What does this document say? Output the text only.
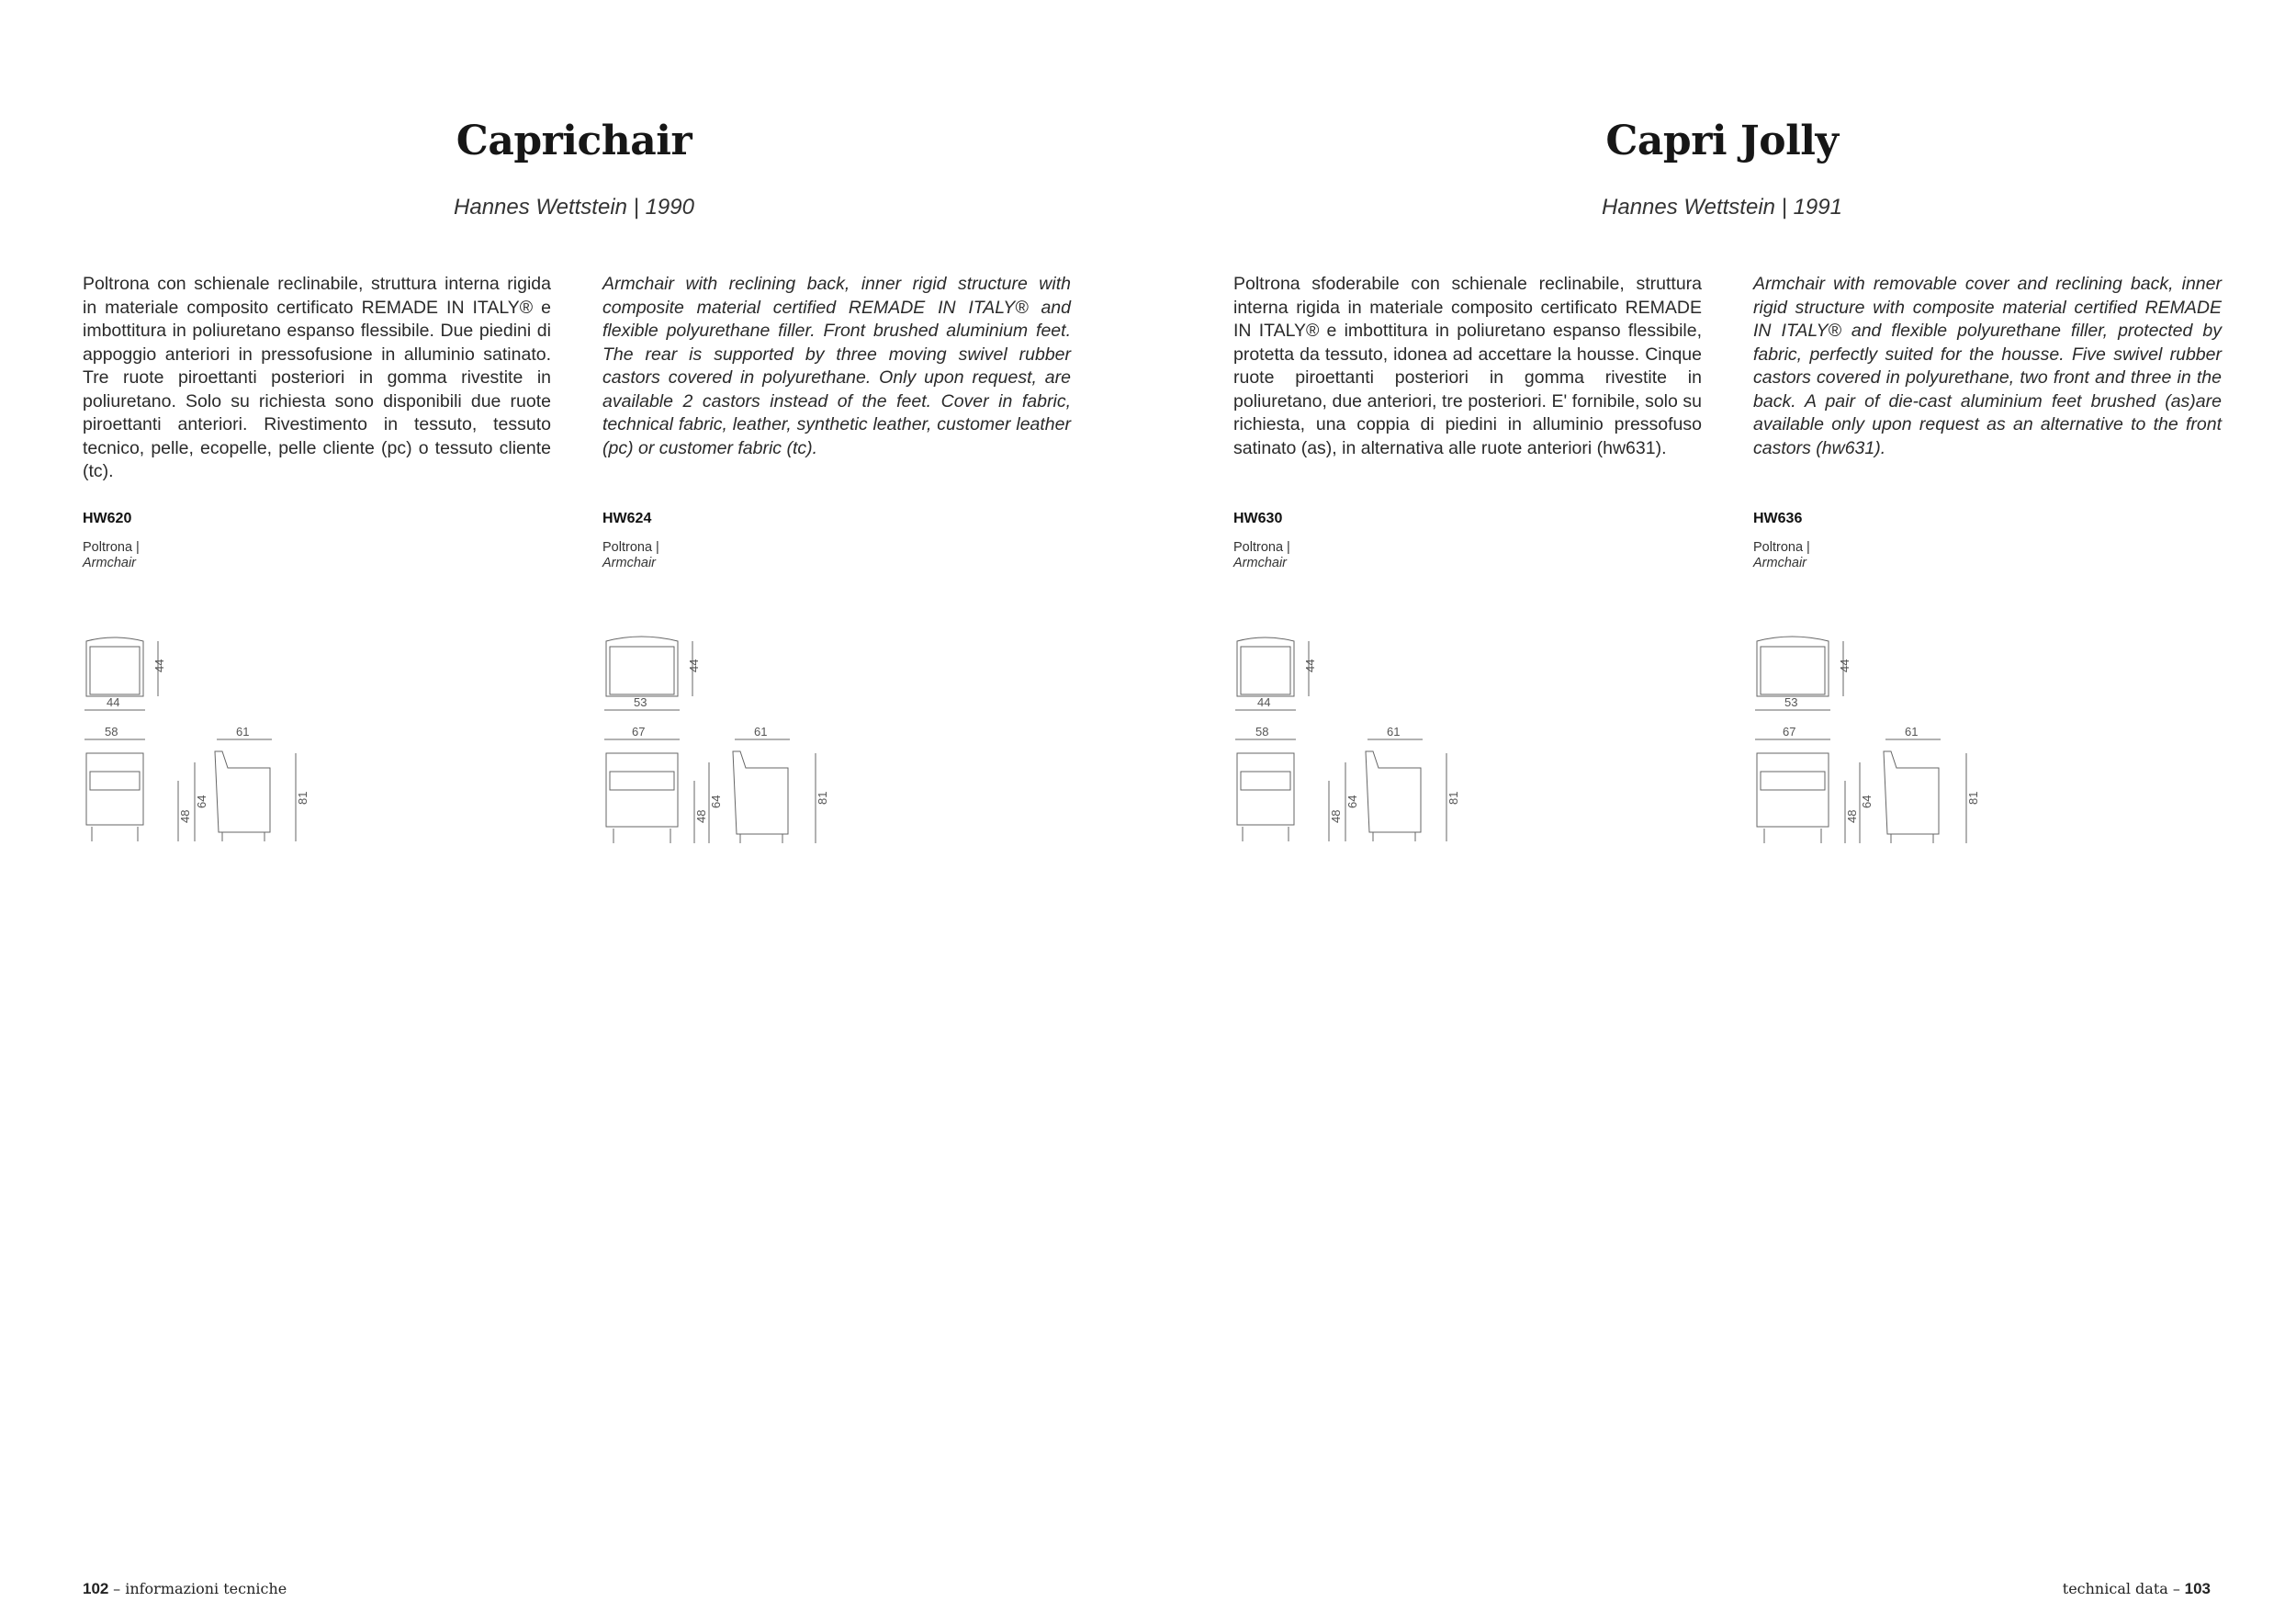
Caprichair
Hannes Wettstein | 1990

Poltrona con schienale reclinabile, struttura interna rigida in materiale composito certificato REMADE IN ITALY® e imbottitura in poliuretano espanso flessibile. Due piedini di appoggio anteriori in pressofusione in alluminio satinato. Tre ruote piroettanti posteriori in gomma rivestite in poliuretano. Solo su richiesta sono disponibili due ruote piroettanti anteriori. Rivestimento in tessuto, tessuto tecnico, pelle, ecopelle, pelle cliente (pc) o tessuto cliente (tc).

Armchair with reclining back, inner rigid structure with composite material certified REMADE IN ITALY® and flexible polyurethane filler. Front brushed aluminium feet. The rear is supported by three moving swivel rubber castors covered in polyurethane. Only upon request, are available 2 castors instead of the feet. Cover in fabric, technical fabric, leather, synthetic leather, customer leather (pc) or customer fabric (tc).

HW620
Poltrona |
Armchair
HW624
Poltrona |
Armchair
44
44
58
48
64
61
81
53
44
67
48
64
61
81
102 – informazioni tecniche
Capri Jolly
Hannes Wettstein | 1991

Poltrona sfoderabile con schienale reclinabile, struttura interna rigida in materiale composito certificato REMADE IN ITALY® e imbottitura in poliuretano espanso flessibile, protetta da tessuto, idonea ad accettare la housse. Cinque ruote piroettanti posteriori in gomma rivestite in poliuretano, due anteriori, tre posteriori. E' fornibile, solo su richiesta, una coppia di piedini in alluminio pressofuso satinato (as), in alternativa alle ruote anteriori (hw631).

Armchair with removable cover and reclining back, inner rigid structure with composite material certified REMADE IN ITALY® and flexible polyurethane filler, protected by fabric, perfectly suited for the housse. Five swivel rubber castors covered in polyurethane, two front and three in the back. A pair of die-cast aluminium feet brushed (as)are available only upon request as an alternative to the front castors (hw631).

HW630
Poltrona |
Armchair
HW636
Poltrona |
Armchair
44
44
58
48
64
61
81
53
44
67
48
64
61
81
technical data – 103
